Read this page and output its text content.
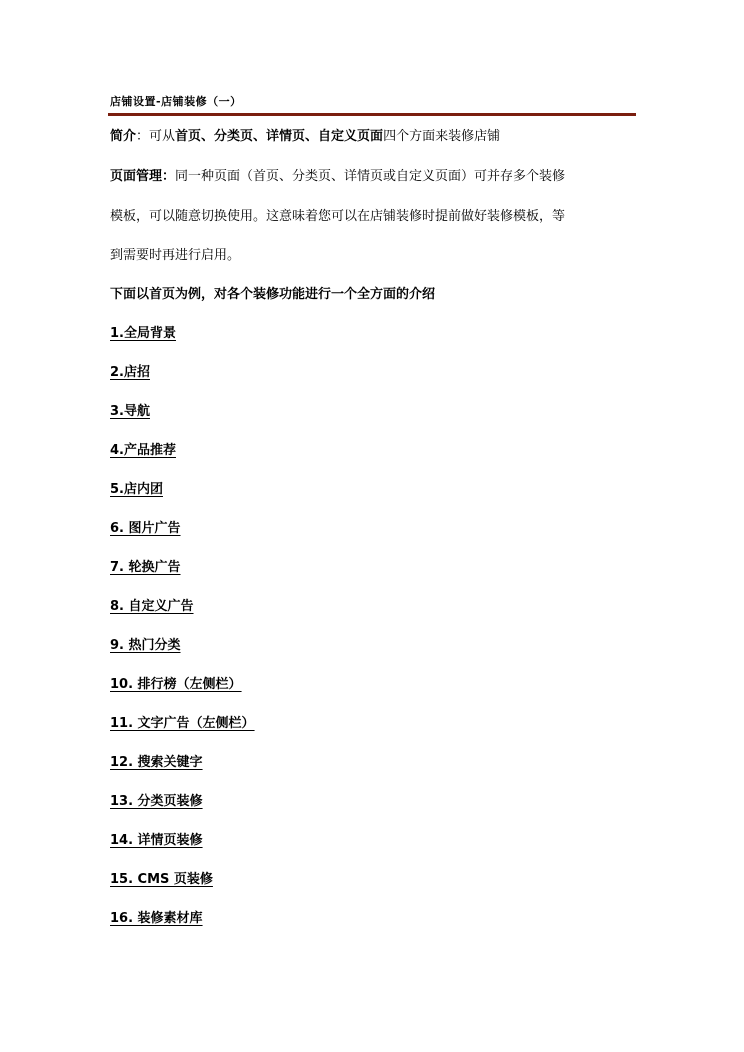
店铺设置-店铺装修（一）
简介：可从首页、分类页、详情页、自定义页面四个方面来装修店铺
页面管理：同一种页面（首页、分类页、详情页或自定义页面）可并存多个装修
模板，可以随意切换使用。这意味着您可以在店铺装修时提前做好装修模板，等
到需要时再进行启用。
下面以首页为例，对各个装修功能进行一个全方面的介绍
1.全局背景
2.店招
3.导航
4.产品推荐
5.店内团
6. 图片广告
7. 轮换广告
8. 自定义广告
9. 热门分类
10. 排行榜（左侧栏）
11. 文字广告（左侧栏）
12. 搜索关键字
13. 分类页装修
14. 详情页装修
15. CMS 页装修
16. 装修素材库
